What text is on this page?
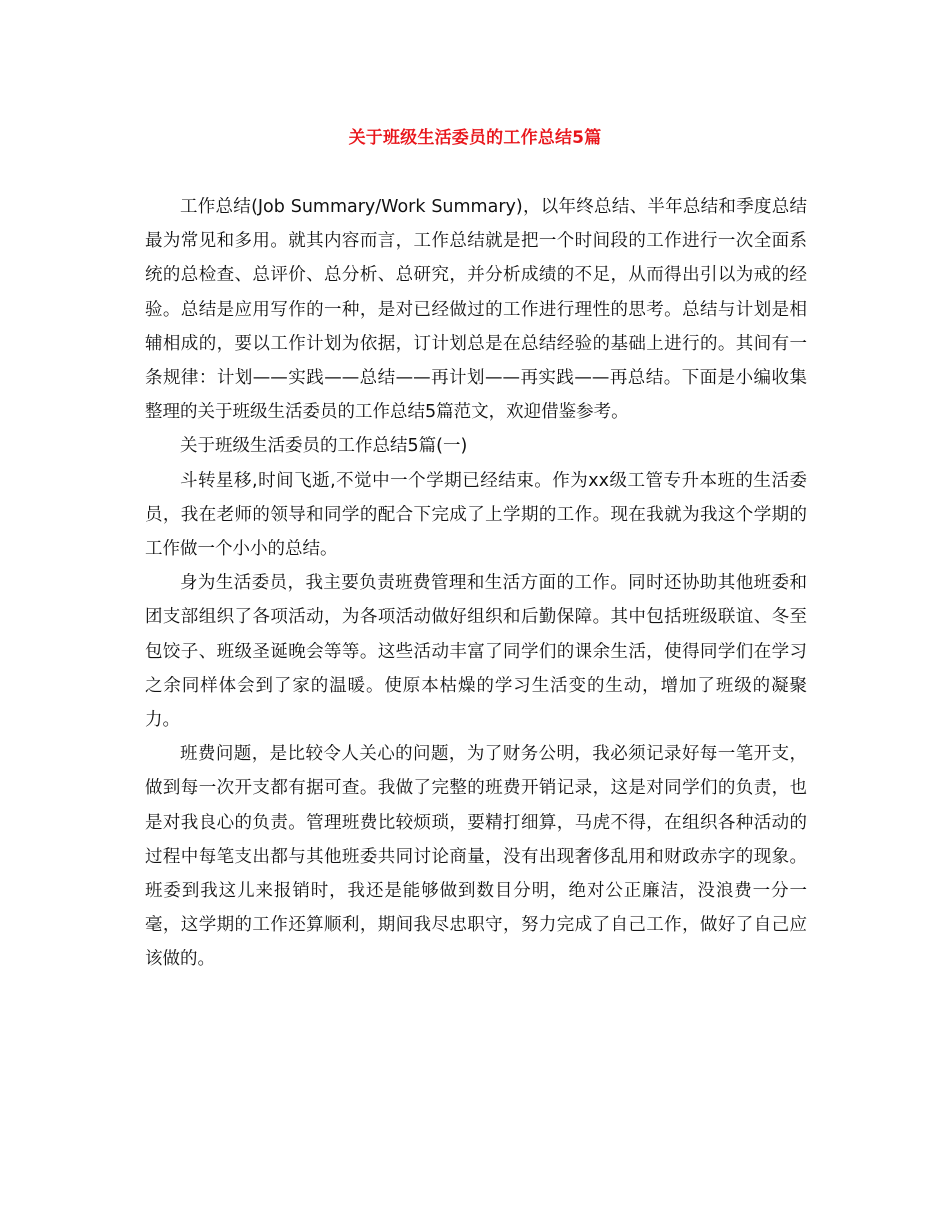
关于班级生活委员的工作总结5篇

工作总结(Job Summary/Work Summary)，以年终总结、半年总结和季度总结最为常见和多用。就其内容而言，工作总结就是把一个时间段的工作进行一次全面系统的总检查、总评价、总分析、总研究，并分析成绩的不足，从而得出引以为戒的经验。总结是应用写作的一种，是对已经做过的工作进行理性的思考。总结与计划是相辅相成的，要以工作计划为依据，订计划总是在总结经验的基础上进行的。其间有一条规律：计划——实践——总结——再计划——再实践——再总结。下面是小编收集整理的关于班级生活委员的工作总结5篇范文，欢迎借鉴参考。

关于班级生活委员的工作总结5篇(一)

斗转星移,时间飞逝,不觉中一个学期已经结束。作为xx级工管专升本班的生活委员，我在老师的领导和同学的配合下完成了上学期的工作。现在我就为我这个学期的工作做一个小小的总结。

身为生活委员，我主要负责班费管理和生活方面的工作。同时还协助其他班委和团支部组织了各项活动，为各项活动做好组织和后勤保障。其中包括班级联谊、冬至包饺子、班级圣诞晚会等等。这些活动丰富了同学们的课余生活，使得同学们在学习之余同样体会到了家的温暖。使原本枯燥的学习生活变的生动，增加了班级的凝聚力。

班费问题，是比较令人关心的问题，为了财务公明，我必须记录好每一笔开支，做到每一次开支都有据可查。我做了完整的班费开销记录，这是对同学们的负责，也是对我良心的负责。管理班费比较烦琐，要精打细算，马虎不得，在组织各种活动的过程中每笔支出都与其他班委共同讨论商量，没有出现奢侈乱用和财政赤字的现象。班委到我这儿来报销时，我还是能够做到数目分明，绝对公正廉洁，没浪费一分一毫，这学期的工作还算顺利，期间我尽忠职守，努力完成了自己工作，做好了自己应该做的。
